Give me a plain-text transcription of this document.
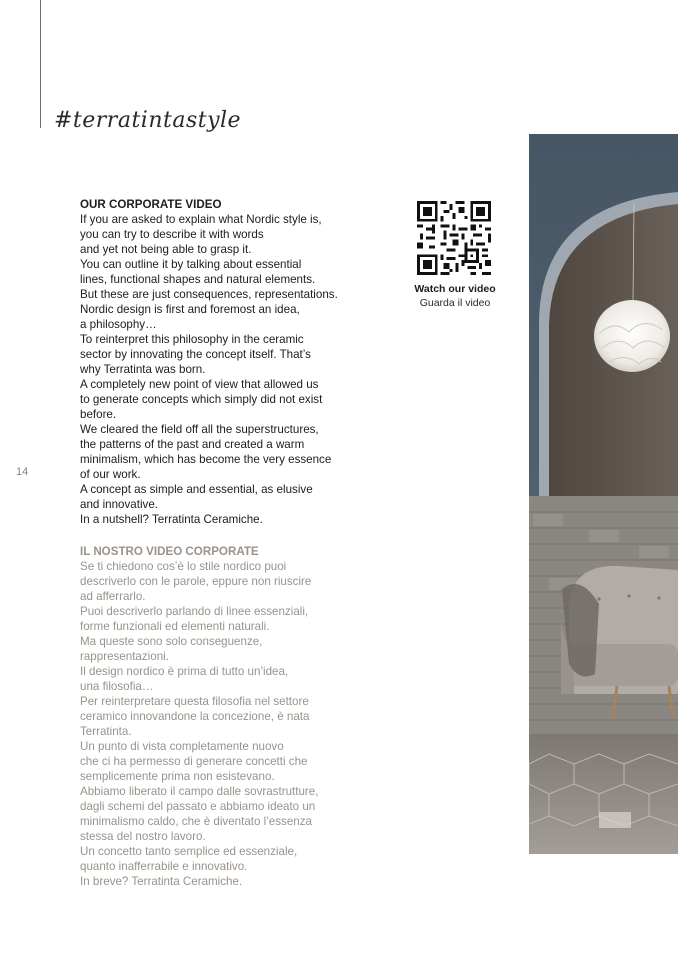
#terratintastyle
14
OUR CORPORATE VIDEO
If you are asked to explain what Nordic style is,
you can try to describe it with words
and yet not being able to grasp it.
You can outline it by talking about essential
lines, functional shapes and natural elements.
But these are just consequences, representations.
Nordic design is first and foremost an idea,
a philosophy…
To reinterpret this philosophy in the ceramic
sector by innovating the concept itself. That’s
why Terratinta was born.
A completely new point of view that allowed us
to generate concepts which simply did not exist
before.
We cleared the field off all the superstructures,
the patterns of the past and created a warm
minimalism, which has become the very essence
of our work.
A concept as simple and essential, as elusive
and innovative.
In a nutshell? Terratinta Ceramiche.
IL NOSTRO VIDEO CORPORATE
Se ti chiedono cos’è lo stile nordico puoi
descriverlo con le parole, eppure non riuscire
ad afferrarlo.
Puoi descriverlo parlando di linee essenziali,
forme funzionali ed elementi naturali.
Ma queste sono solo conseguenze,
rappresentazioni.
Il design nordico è prima di tutto un’idea,
una filosofia…
Per reinterpretare questa filosofia nel settore
ceramico innovandone la concezione, è nata
Terratinta.
Un punto di vista completamente nuovo
che ci ha permesso di generare concetti che
semplicemente prima non esistevano.
Abbiamo liberato il campo dalle sovrastrutture,
dagli schemi del passato e abbiamo ideato un
minimalismo caldo, che è diventato l’essenza
stessa del nostro lavoro.
Un concetto tanto semplice ed essenziale,
quanto inafferrabile e innovativo.
In breve? Terratinta Ceramiche.
Watch our video
Guarda il video
